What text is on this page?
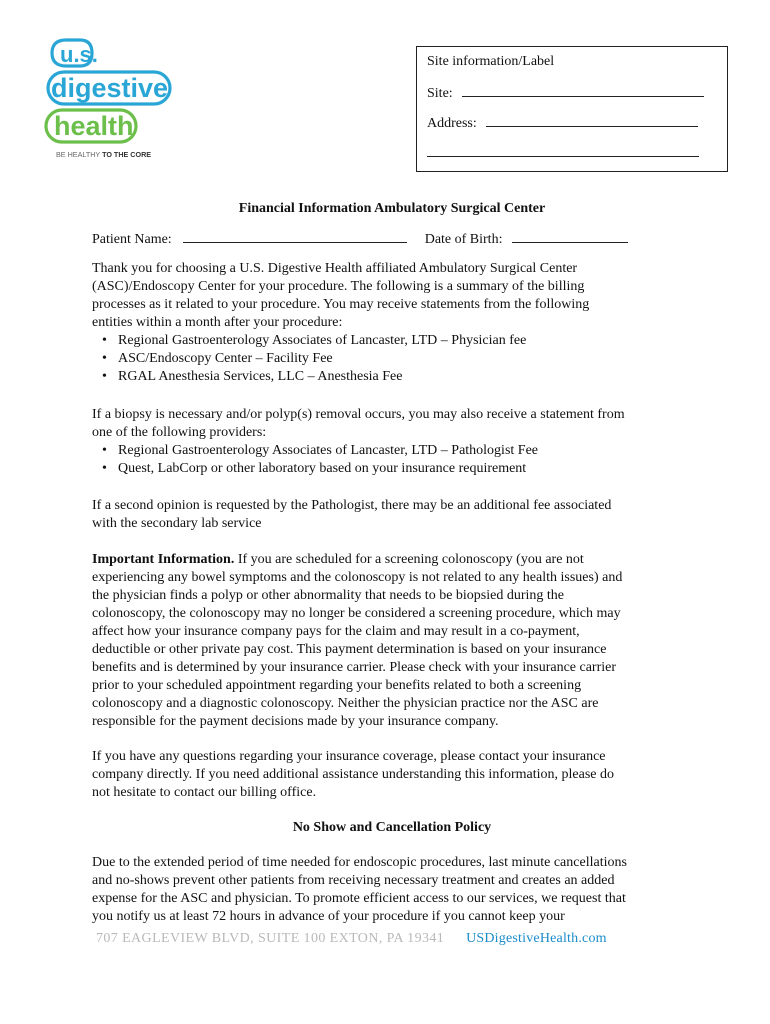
u.s.
digestive
health
BE HEALTHY TO THE CORE
Site information/Label
Site:
Address:
Financial Information Ambulatory Surgical Center
Patient Name:	Date of Birth:
Thank you for choosing a U.S. Digestive Health affiliated Ambulatory Surgical Center
(ASC)/Endoscopy Center for your procedure. The following is a summary of the billing
processes as it related to your procedure. You may receive statements from the following
entities within a month after your procedure:
• Regional Gastroenterology Associates of Lancaster, LTD – Physician fee
• ASC/Endoscopy Center – Facility Fee
• RGAL Anesthesia Services, LLC – Anesthesia Fee
If a biopsy is necessary and/or polyp(s) removal occurs, you may also receive a statement from
one of the following providers:
• Regional Gastroenterology Associates of Lancaster, LTD – Pathologist Fee
• Quest, LabCorp or other laboratory based on your insurance requirement
If a second opinion is requested by the Pathologist, there may be an additional fee associated
with the secondary lab service
Important Information. If you are scheduled for a screening colonoscopy (you are not
experiencing any bowel symptoms and the colonoscopy is not related to any health issues) and
the physician finds a polyp or other abnormality that needs to be biopsied during the
colonoscopy, the colonoscopy may no longer be considered a screening procedure, which may
affect how your insurance company pays for the claim and may result in a co-payment,
deductible or other private pay cost. This payment determination is based on your insurance
benefits and is determined by your insurance carrier. Please check with your insurance carrier
prior to your scheduled appointment regarding your benefits related to both a screening
colonoscopy and a diagnostic colonoscopy. Neither the physician practice nor the ASC are
responsible for the payment decisions made by your insurance company.
If you have any questions regarding your insurance coverage, please contact your insurance
company directly. If you need additional assistance understanding this information, please do
not hesitate to contact our billing office.
No Show and Cancellation Policy
Due to the extended period of time needed for endoscopic procedures, last minute cancellations
and no-shows prevent other patients from receiving necessary treatment and creates an added
expense for the ASC and physician. To promote efficient access to our services, we request that
you notify us at least 72 hours in advance of your procedure if you cannot keep your
707 EAGLEVIEW BLVD, SUITE 100 EXTON, PA 19341 USDigestiveHealth.com
